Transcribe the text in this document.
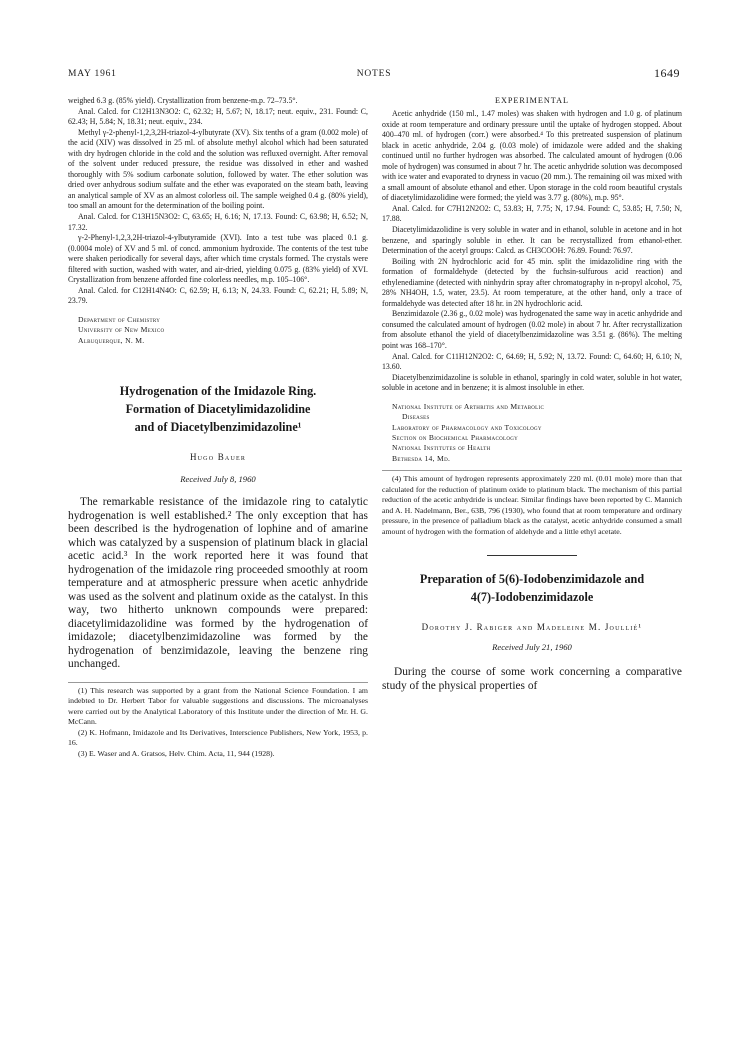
MAY 1961	NOTES	1649

weighed 6.3 g. (85% yield). Crystallization from benzene-m.p. 72–73.5°.

Anal. Calcd. for C12H13N3O2: C, 62.32; H, 5.67; N, 18.17; neut. equiv., 231. Found: C, 62.43; H, 5.84; N, 18.31; neut. equiv., 234.

Methyl γ-2-phenyl-1,2,3,2H-triazol-4-ylbutyrate (XV). Six tenths of a gram (0.002 mole) of the acid (XIV) was dissolved in 25 ml. of absolute methyl alcohol which had been saturated with dry hydrogen chloride in the cold and the solution was refluxed overnight. After removal of the solvent under reduced pressure, the residue was dissolved in ether and washed thoroughly with 5% sodium carbonate solution, followed by water. The ether solution was dried over anhydrous sodium sulfate and the ether was evaporated on the steam bath, leaving an analytical sample of XV as an almost colorless oil. The sample weighed 0.4 g. (80% yield), too small an amount for the determination of the boiling point.

Anal. Calcd. for C13H15N3O2: C, 63.65; H, 6.16; N, 17.13. Found: C, 63.98; H, 6.52; N, 17.32.

γ-2-Phenyl-1,2,3,2H-triazol-4-ylbutyramide (XVI). Into a test tube was placed 0.1 g. (0.0004 mole) of XV and 5 ml. of concd. ammonium hydroxide. The contents of the test tube were shaken periodically for several days, after which time crystals formed. The crystals were filtered with suction, washed with water, and air-dried, yielding 0.075 g. (83% yield) of XVI. Crystallization from benzene afforded fine colorless needles, m.p. 105–106°.

Anal. Calcd. for C12H14N4O: C, 62.59; H, 6.13; N, 24.33. Found: C, 62.21; H, 5.89; N, 23.79.

Department of Chemistry
University of New Mexico
Albuquerque, N. M.
Hydrogenation of the Imidazole Ring.
Formation of Diacetylimidazolidine
and of Diacetylbenzimidazoline¹
Hugo Bauer
Received July 8, 1960

The remarkable resistance of the imidazole ring to catalytic hydrogenation is well established.² The only exception that has been described is the hydrogenation of lophine and of amarine which was catalyzed by a suspension of platinum black in glacial acetic acid.³ In the work reported here it was found that hydrogenation of the imidazole ring proceeded smoothly at room temperature and at atmospheric pressure when acetic anhydride was used as the solvent and platinum oxide as the catalyst. In this way, two hitherto unknown compounds were prepared: diacetylimidazolidine was formed by the hydrogenation of imidazole; diacetylbenzimidazoline was formed by the hydrogenation of benzimidazole, leaving the benzene ring unchanged.

(1) This research was supported by a grant from the National Science Foundation. I am indebted to Dr. Herbert Tabor for valuable suggestions and discussions. The microanalyses were carried out by the Analytical Laboratory of this Institute under the direction of Mr. H. G. McCann.

(2) K. Hofmann, Imidazole and Its Derivatives, Interscience Publishers, New York, 1953, p. 16.

(3) E. Waser and A. Gratsos, Helv. Chim. Acta, 11, 944 (1928).

EXPERIMENTAL

Acetic anhydride (150 ml., 1.47 moles) was shaken with hydrogen and 1.0 g. of platinum oxide at room temperature and ordinary pressure until the uptake of hydrogen stopped. About 400–470 ml. of hydrogen (corr.) were absorbed.⁴ To this pretreated suspension of platinum black in acetic anhydride, 2.04 g. (0.03 mole) of imidazole were added and the shaking continued until no further hydrogen was absorbed. The calculated amount of hydrogen (0.06 mole of hydrogen) was consumed in about 7 hr. The acetic anhydride solution was decomposed with ice water and evaporated to dryness in vacuo (20 mm.). The remaining oil was mixed with a small amount of absolute ethanol and ether. Upon storage in the cold room beautiful crystals of diacetylimidazolidine were formed; the yield was 3.77 g. (80%), m.p. 95°.

Anal. Calcd. for C7H12N2O2: C, 53.83; H, 7.75; N, 17.94. Found: C, 53.85; H, 7.50; N, 17.88.

Diacetylimidazolidine is very soluble in water and in ethanol, soluble in acetone and in hot benzene, and sparingly soluble in ether. It can be recrystallized from ethanol-ether. Determination of the acetyl groups: Calcd. as CH3COOH: 76.89. Found: 76.97.

Boiling with 2N hydrochloric acid for 45 min. split the imidazolidine ring with the formation of formaldehyde (detected by the fuchsin-sulfurous acid reaction) and ethylenediamine (detected with ninhydrin spray after chromatography in n-propyl alcohol, 75, 28% NH4OH, 1.5, water, 23.5). At room temperature, at the other hand, only a trace of formaldehyde was detected after 18 hr. in 2N hydrochloric acid.

Benzimidazole (2.36 g., 0.02 mole) was hydrogenated the same way in acetic anhydride and consumed the calculated amount of hydrogen (0.02 mole) in about 7 hr. After recrystallization from absolute ethanol the yield of diacetylbenzimidazoline was 3.51 g. (86%). The melting point was 168–170°.

Anal. Calcd. for C11H12N2O2: C, 64.69; H, 5.92; N, 13.72. Found: C, 64.60; H, 6.10; N, 13.60.

Diacetylbenzimidazoline is soluble in ethanol, sparingly in cold water, soluble in hot water, soluble in acetone and in benzene; it is almost insoluble in ether.

National Institute of Arthritis and Metabolic
Diseases
Laboratory of Pharmacology and Toxicology
Section on Biochemical Pharmacology
National Institutes of Health
Bethesda 14, Md.

(4) This amount of hydrogen represents approximately 220 ml. (0.01 mole) more than that calculated for the reduction of platinum oxide to platinum black. The mechanism of this partial reduction of the acetic anhydride is unclear. Similar findings have been reported by C. Mannich and A. H. Nadelmann, Ber., 63B, 796 (1930), who found that at room temperature and ordinary pressure, in the presence of palladium black as the catalyst, acetic anhydride consumed a small amount of hydrogen with the formation of aldehyde and a little ethyl acetate.

Preparation of 5(6)-Iodobenzimidazole and
4(7)-Iodobenzimidazole
Dorothy J. Rabiger and Madeleine M. Joullié¹
Received July 21, 1960

During the course of some work concerning a comparative study of the physical properties of
